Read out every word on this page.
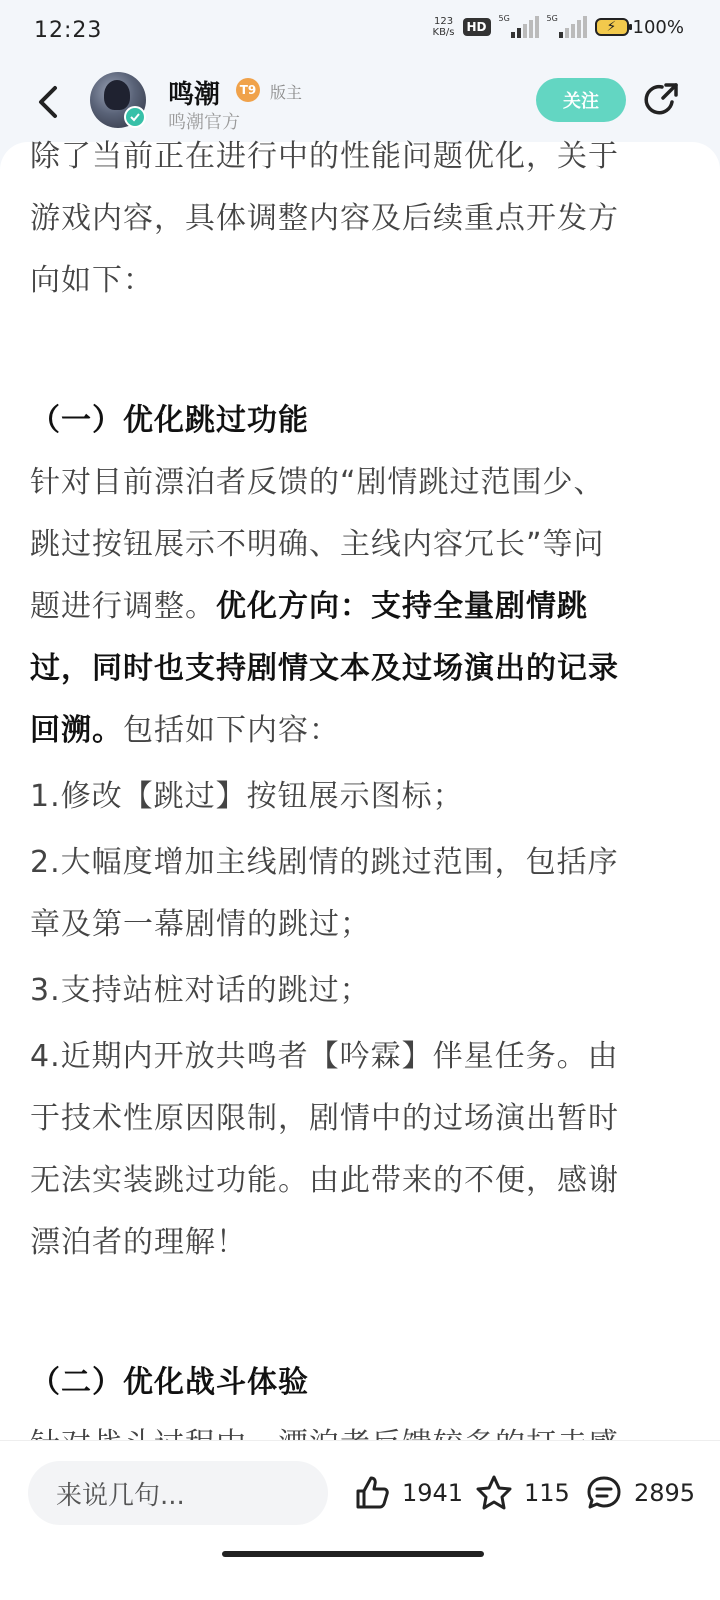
12:23	123
KB/s	HD
5G	5G
⚡ 100%
鸣潮	T9 版主
鸣潮官方
关注

除了当前正在进行中的性能问题优化，关于

游戏内容，具体调整内容及后续重点开发方

向如下：

（一）优化跳过功能

针对目前漂泊者反馈的“剧情跳过范围少、

跳过按钮展示不明确、主线内容冗长”等问

题进行调整。优化方向：支持全量剧情跳

过，同时也支持剧情文本及过场演出的记录

回溯。包括如下内容：

1.修改【跳过】按钮展示图标；

2.大幅度增加主线剧情的跳过范围，包括序

章及第一幕剧情的跳过；

3.支持站桩对话的跳过；

4.近期内开放共鸣者【吟霖】伴星任务。由

于技术性原因限制，剧情中的过场演出暂时

无法实装跳过功能。由此带来的不便，感谢

漂泊者的理解！

（二）优化战斗体验

来说几句...	1941	115	2895
